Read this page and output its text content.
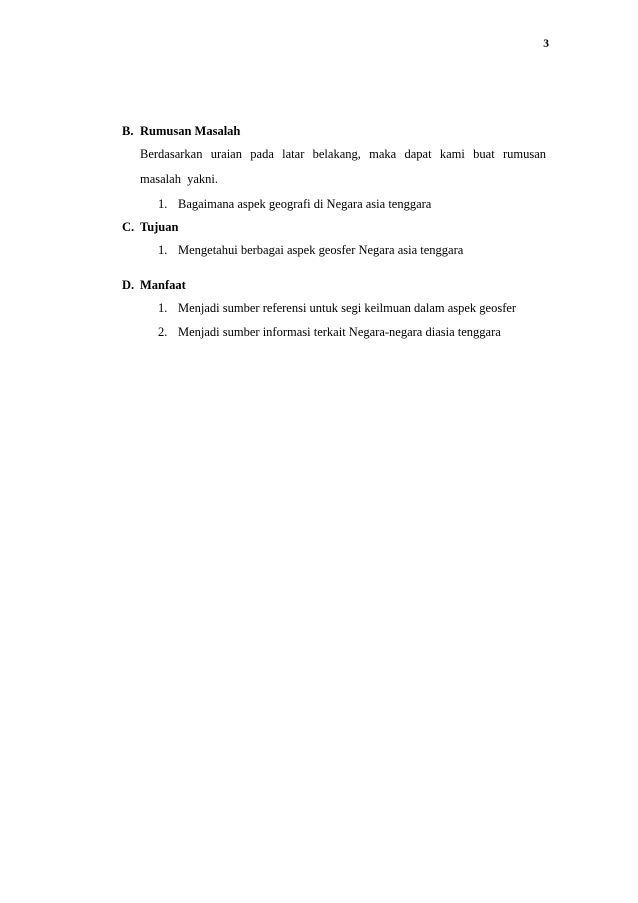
3
B. Rumusan Masalah
Berdasarkan uraian pada latar belakang, maka dapat kami buat rumusan masalah yakni.
1. Bagaimana aspek geografi di Negara asia tenggara
C. Tujuan
1. Mengetahui berbagai aspek geosfer Negara asia tenggara
D. Manfaat
1. Menjadi sumber referensi untuk segi keilmuan dalam aspek geosfer
2. Menjadi sumber informasi terkait Negara-negara diasia tenggara
